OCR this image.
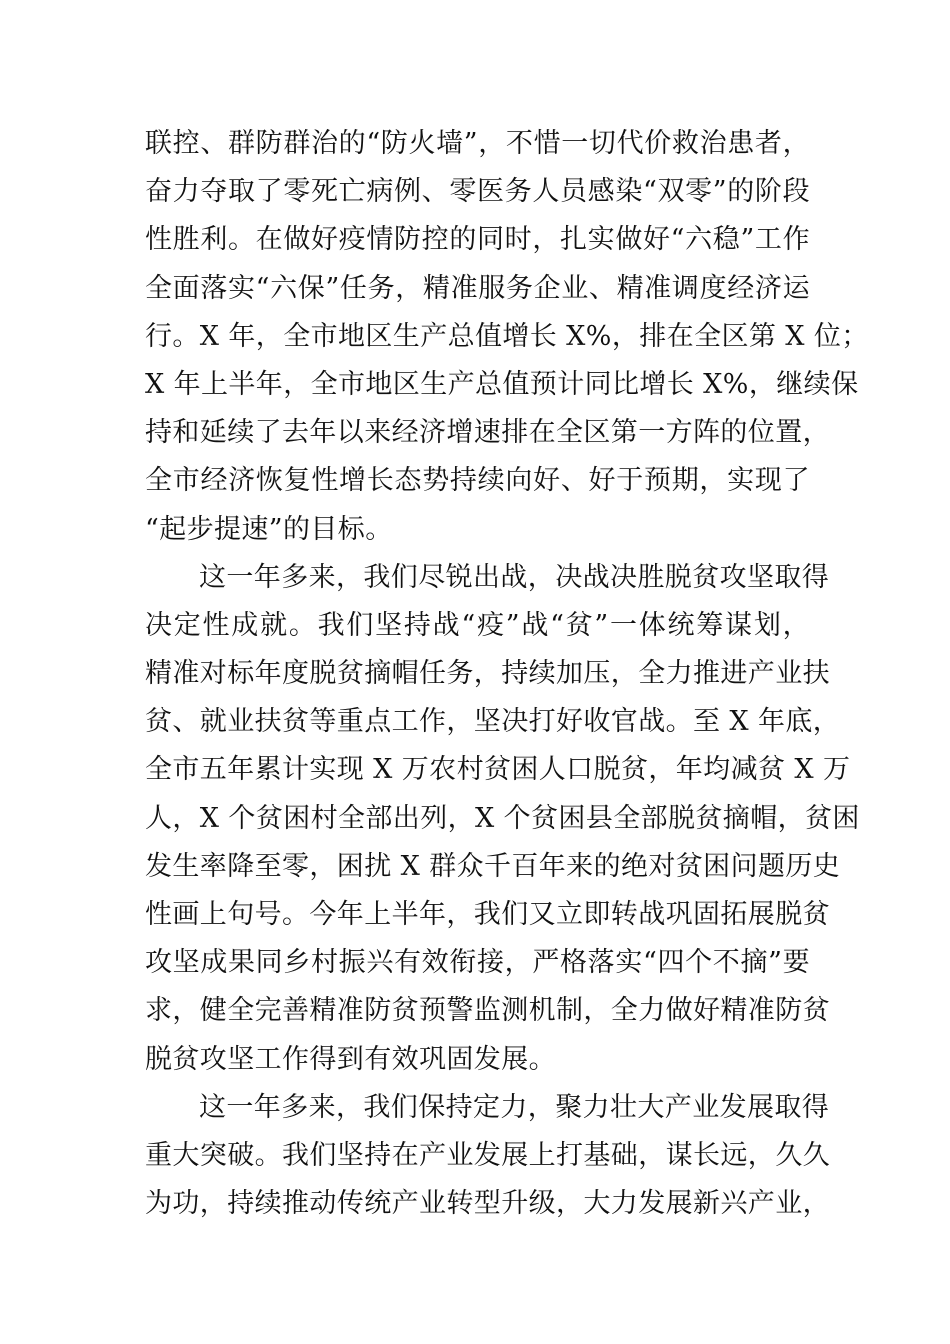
联控、群防群治的“防火墙”，不惜一切代价救治患者，
奋力夺取了零死亡病例、零医务人员感染“双零”的阶段
性胜利。在做好疫情防控的同时，扎实做好“六稳”工作
全面落实“六保”任务，精准服务企业、精准调度经济运
行。X 年，全市地区生产总值增长 X%，排在全区第 X 位；
X 年上半年，全市地区生产总值预计同比增长 X%，继续保
持和延续了去年以来经济增速排在全区第一方阵的位置，
全市经济恢复性增长态势持续向好、好于预期，实现了
“起步提速”的目标。
这一年多来，我们尽锐出战，决战决胜脱贫攻坚取得
决定性成就。我们坚持战“疫”战“贫”一体统筹谋划，
精准对标年度脱贫摘帽任务，持续加压，全力推进产业扶
贫、就业扶贫等重点工作，坚决打好收官战。至 X 年底，
全市五年累计实现 X 万农村贫困人口脱贫，年均减贫 X 万
人，X 个贫困村全部出列，X 个贫困县全部脱贫摘帽，贫困
发生率降至零，困扰 X 群众千百年来的绝对贫困问题历史
性画上句号。今年上半年，我们又立即转战巩固拓展脱贫
攻坚成果同乡村振兴有效衔接，严格落实“四个不摘”要
求，健全完善精准防贫预警监测机制，全力做好精准防贫
脱贫攻坚工作得到有效巩固发展。
这一年多来，我们保持定力，聚力壮大产业发展取得
重大突破。我们坚持在产业发展上打基础，谋长远，久久
为功，持续推动传统产业转型升级，大力发展新兴产业，
